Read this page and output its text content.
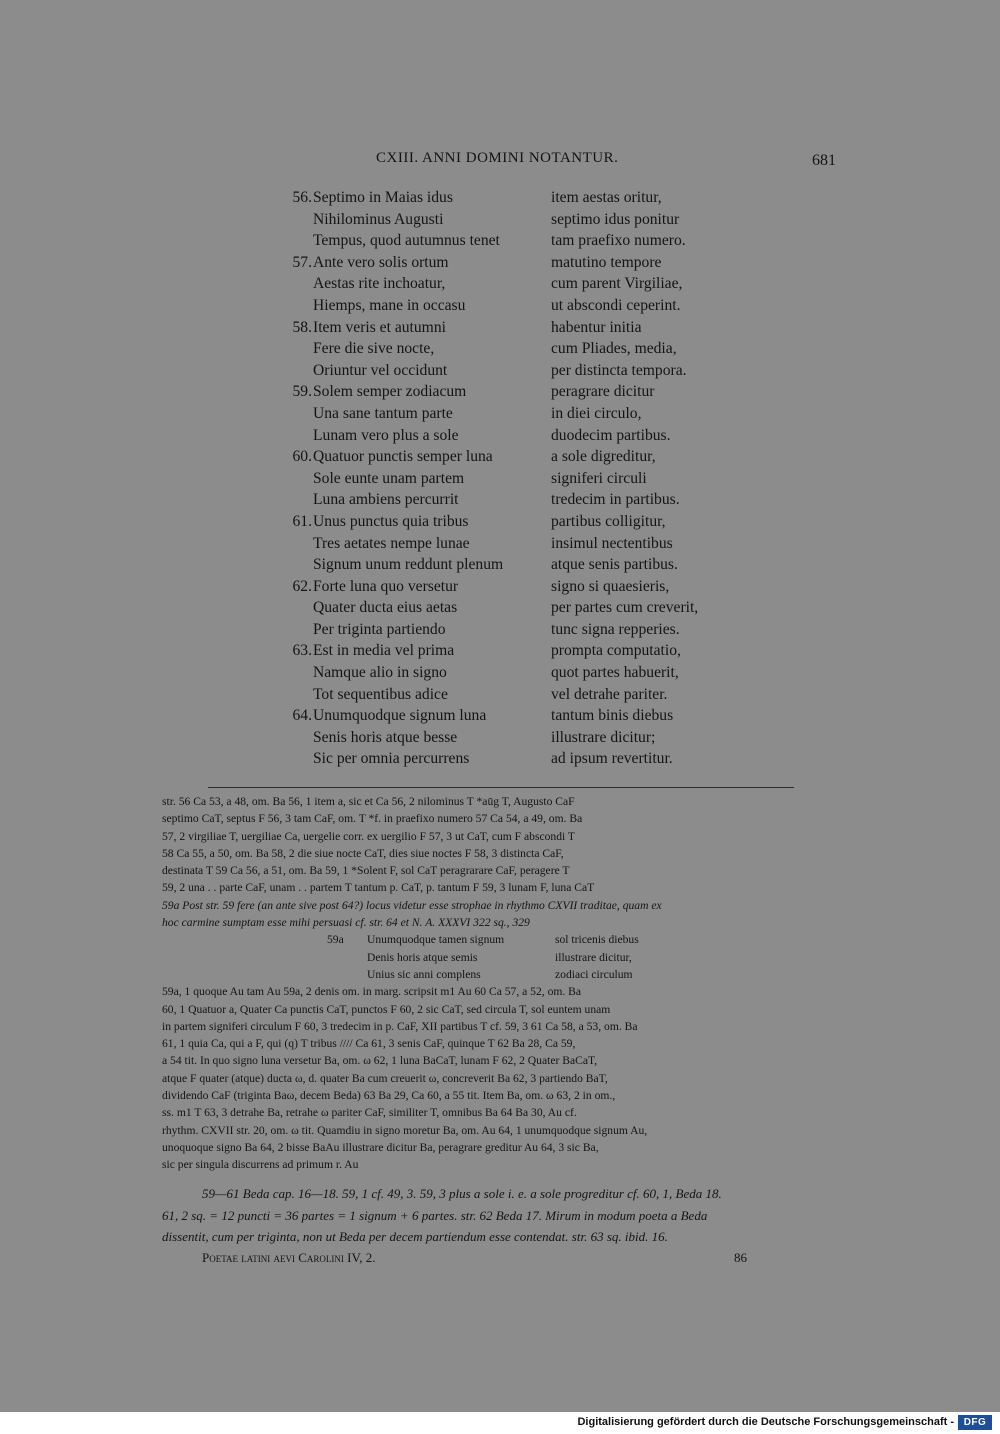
CXIII. ANNI DOMINI NOTANTUR.	681
56. Septimo in Maias idus	item aestas oritur,
Nihilominus Augusti	septimo idus ponitur
Tempus, quod autumnus tenet	tam praefixo numero.
57. Ante vero solis ortum	matutino tempore
Aestas rite inchoatur,	cum parent Virgiliae,
Hiemps, mane in occasu	ut abscondi ceperint.
58. Item veris et autumni	habentur initia
Fere die sive nocte,	cum Pliades, media,
Oriuntur vel occidunt	per distincta tempora.
59. Solem semper zodiacum	peragrare dicitur
Una sane tantum parte	in diei circulo,
Lunam vero plus a sole	duodecim partibus.
60. Quatuor punctis semper luna	a sole digreditur,
Sole eunte unam partem	signiferi circuli
Luna ambiens percurrit	tredecim in partibus.
61. Unus punctus quia tribus	partibus colligitur,
Tres aetates nempe lunae	insimul nectentibus
Signum unum reddunt plenum	atque senis partibus.
62. Forte luna quo versetur	signo si quaesieris,
Quater ducta eius aetas	per partes cum creverit,
Per triginta partiendo	tunc signa repperies.
63. Est in media vel prima	prompta computatio,
Namque alio in signo	quot partes habuerit,
Tot sequentibus adice	vel detrahe pariter.
64. Unumquodque signum luna	tantum binis diebus
Senis horis atque besse	illustrare dicitur;
Sic per omnia percurrens	ad ipsum revertitur.
str. 56 Ca 53, a 48, om. Ba 56, 1 item a, sic et Ca 56, 2 nilominus T *aūg T, Augusto CaF
septimo CaT, septus F 56, 3 tam CaF, om. T *f. in praefixo numero 57 Ca 54, a 49, om. Ba
57, 2 virgiliae T, uergiliae Ca, uergelie corr. ex uergilio F 57, 3 ut CaT, cum F abscondi T
58 Ca 55, a 50, om. Ba 58, 2 die siue nocte CaT, dies siue noctes F 58, 3 distincta CaF,
destinata T 59 Ca 56, a 51, om. Ba 59, 1 *Solent F, sol CaT peragrarare CaF, peragere T
59, 2 una . . parte CaF, unam . . partem T tantum p. CaT, p. tantum F 59, 3 lunam F, luna CaT
59a Post str. 59 fere (an ante sive post 64?) locus videtur esse strophae in rhythmo CXVII traditae, quam ex
hoc carmine sumptam esse mihi persuasi cf. str. 64 et N. A. XXXVI 322 sq., 329
59a Unumquodque tamen signum	sol tricenis diebus
Denis horis atque semis	illustrare dicitur,
Unius sic anni complens	zodiaci circulum
59a, 1 quoque Au tam Au 59a, 2 denis om. in marg. scripsit m1 Au 60 Ca 57, a 52, om. Ba
60, 1 Quatuor a, Quater Ca punctis CaT, punctos F 60, 2 sic CaT, sed circula T, sol euntem unam
in partem signiferi circulum F 60, 3 tredecim in p. CaF, XII partibus T cf. 59, 3 61 Ca 58, a 53, om. Ba
61, 1 quia Ca, qui a F, qui (q) T tribus //// Ca 61, 3 senis CaF, quinque T 62 Ba 28, Ca 59,
a 54 tit. In quo signo luna versetur Ba, om. ω 62, 1 luna BaCaT, lunam F 62, 2 Quater BaCaT,
atque F quater (atque) ducta ω, d. quater Ba cum creuerit ω, concreverit Ba 62, 3 partiendo BaT,
dividendo CaF (triginta Baω, decem Beda) 63 Ba 29, Ca 60, a 55 tit. Item Ba, om. ω 63, 2 in om.,
ss. m1 T 63, 3 detrahe Ba, retrahe ω pariter CaF, similiter T, omnibus Ba 64 Ba 30, Au cf.
rhythm. CXVII str. 20, om. ω tit. Quamdiu in signo moretur Ba, om. Au 64, 1 unumquodque signum Au,
unoquoque signo Ba 64, 2 bisse BaAu illustrare dicitur Ba, peragrare greditur Au 64, 3 sic Ba,
sic per singula discurrens ad primum r. Au
59—61 Beda cap. 16—18. 59, 1 cf. 49, 3. 59, 3 plus a sole i. e. a sole progreditur cf. 60, 1, Beda 18.
61, 2 sq. = 12 puncti = 36 partes = 1 signum + 6 partes. str. 62 Beda 17. Mirum in modum poeta a Beda
dissentit, cum per triginta, non ut Beda per decem partiendum esse contendat. str. 63 sq. ibid. 16.
Poetae latini aevi Carolini IV, 2.	86
Digitalisierung gefördert durch die Deutsche Forschungsgemeinschaft - DFG
